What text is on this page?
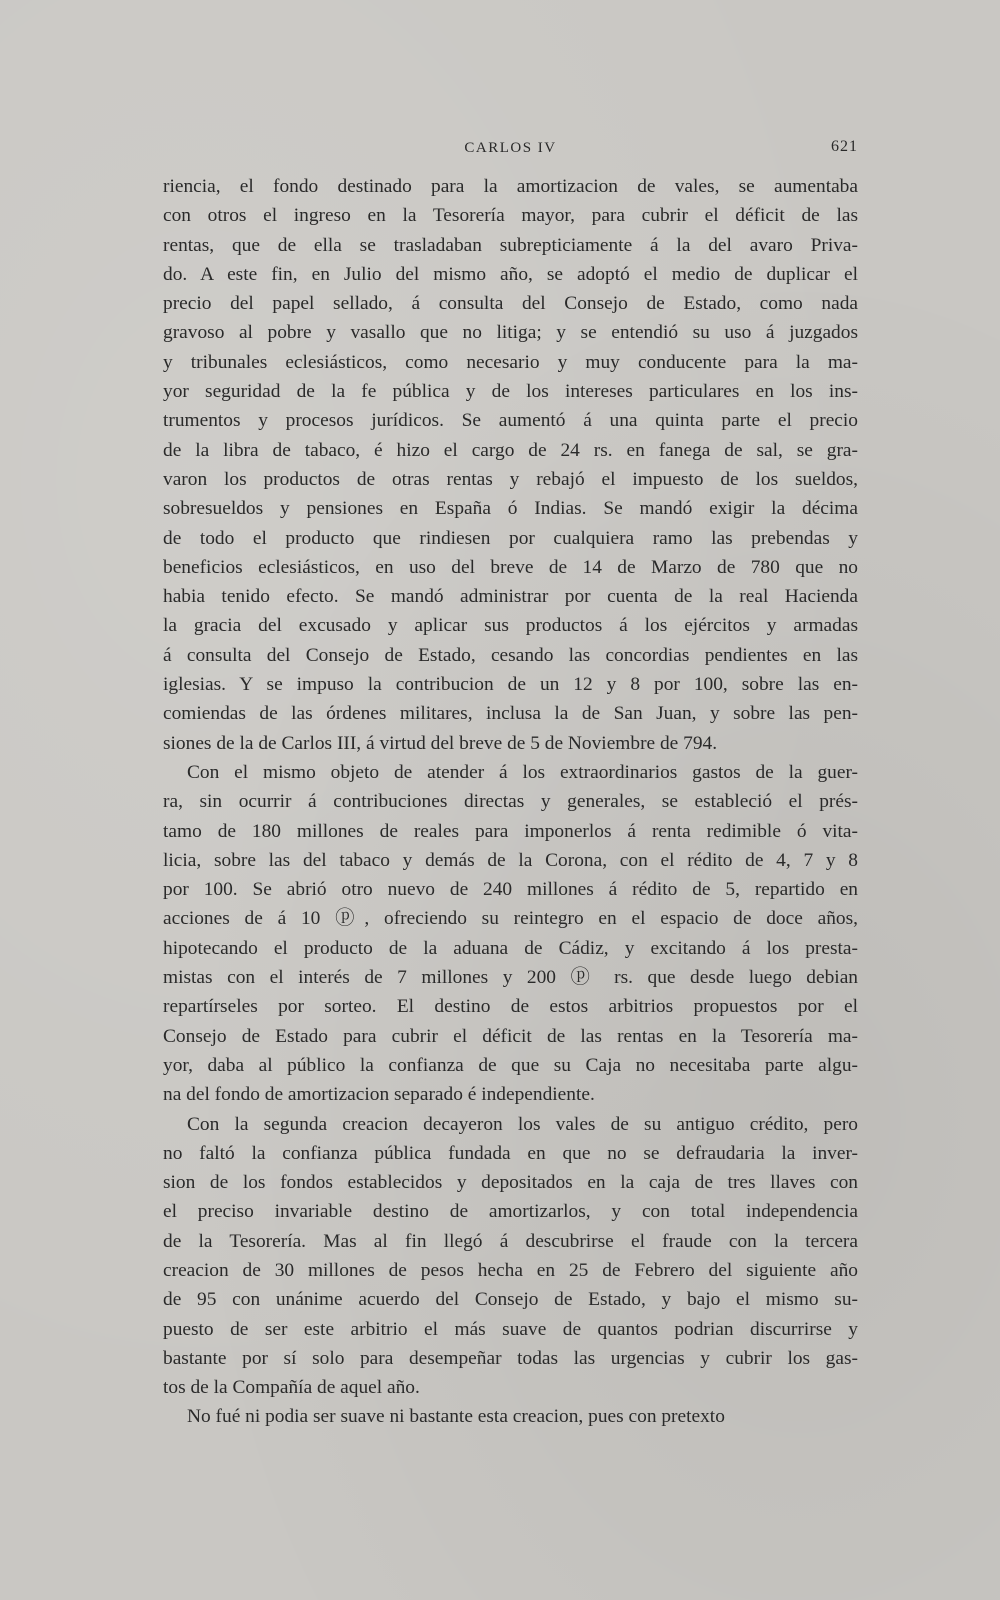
CARLOS IV	621
riencia, el fondo destinado para la amortizacion de vales, se aumentaba
con otros el ingreso en la Tesorería mayor, para cubrir el déficit de las
rentas, que de ella se trasladaban subrepticiamente á la del avaro Priva-
do. A este fin, en Julio del mismo año, se adoptó el medio de duplicar el
precio del papel sellado, á consulta del Consejo de Estado, como nada
gravoso al pobre y vasallo que no litiga; y se entendió su uso á juzgados
y tribunales eclesiásticos, como necesario y muy conducente para la ma-
yor seguridad de la fe pública y de los intereses particulares en los ins-
trumentos y procesos jurídicos. Se aumentó á una quinta parte el precio
de la libra de tabaco, é hizo el cargo de 24 rs. en fanega de sal, se gra-
varon los productos de otras rentas y rebajó el impuesto de los sueldos,
sobresueldos y pensiones en España ó Indias. Se mandó exigir la décima
de todo el producto que rindiesen por cualquiera ramo las prebendas y
beneficios eclesiásticos, en uso del breve de 14 de Marzo de 780 que no
habia tenido efecto. Se mandó administrar por cuenta de la real Hacienda
la gracia del excusado y aplicar sus productos á los ejércitos y armadas
á consulta del Consejo de Estado, cesando las concordias pendientes en las
iglesias. Y se impuso la contribucion de un 12 y 8 por 100, sobre las en-
comiendas de las órdenes militares, inclusa la de San Juan, y sobre las pen-
siones de la de Carlos III, á virtud del breve de 5 de Noviembre de 794.
Con el mismo objeto de atender á los extraordinarios gastos de la guer-
ra, sin ocurrir á contribuciones directas y generales, se estableció el prés-
tamo de 180 millones de reales para imponerlos á renta redimible ó vita-
licia, sobre las del tabaco y demás de la Corona, con el rédito de 4, 7 y 8
por 100. Se abrió otro nuevo de 240 millones á rédito de 5, repartido en
acciones de á 10 ⓟ, ofreciendo su reintegro en el espacio de doce años,
hipotecando el producto de la aduana de Cádiz, y excitando á los presta-
mistas con el interés de 7 millones y 200 ⓟ rs. que desde luego debian
repartírseles por sorteo. El destino de estos arbitrios propuestos por el
Consejo de Estado para cubrir el déficit de las rentas en la Tesorería ma-
yor, daba al público la confianza de que su Caja no necesitaba parte algu-
na del fondo de amortizacion separado é independiente.
Con la segunda creacion decayeron los vales de su antiguo crédito, pero
no faltó la confianza pública fundada en que no se defraudaria la inver-
sion de los fondos establecidos y depositados en la caja de tres llaves con
el preciso invariable destino de amortizarlos, y con total independencia
de la Tesorería. Mas al fin llegó á descubrirse el fraude con la tercera
creacion de 30 millones de pesos hecha en 25 de Febrero del siguiente año
de 95 con unánime acuerdo del Consejo de Estado, y bajo el mismo su-
puesto de ser este arbitrio el más suave de quantos podrian discurrirse y
bastante por sí solo para desempeñar todas las urgencias y cubrir los gas-
tos de la Compañía de aquel año.
No fué ni podia ser suave ni bastante esta creacion, pues con pretexto
